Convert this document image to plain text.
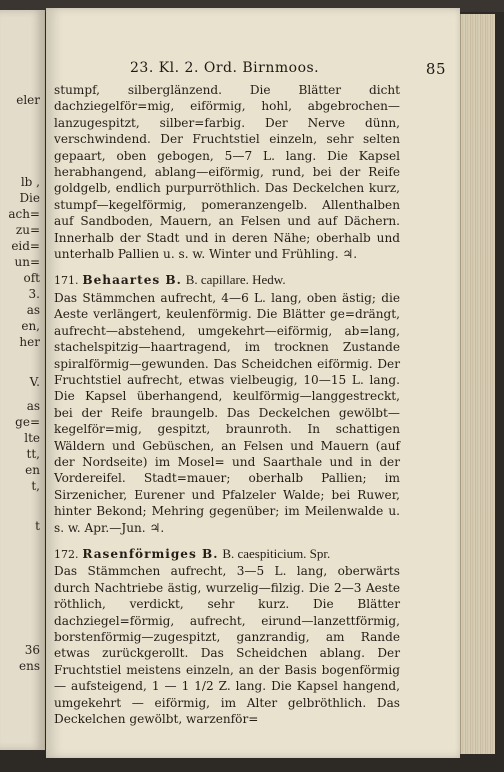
eler
lb ,
Die
ach=
zu=
eid=
un=
oft
3.
as
en,
her
V.
as
ge=
lte
tt,
en
t,
t
36
ens
23. Kl. 2. Ord. Birnmoos.	85

stumpf, silberglänzend. Die Blätter dicht dachziegelför=mig, eiförmig, hohl, abgebrochen—lanzugespitzt, silber=farbig. Der Nerve dünn, verschwindend. Der Fruchtstiel einzeln, sehr selten gepaart, oben gebogen, 5—7 L. lang. Die Kapsel herabhangend, ablang—eiförmig, rund, bei der Reife goldgelb, endlich purpurröthlich. Das Deckelchen kurz, stumpf—kegelförmig, pomeranzengelb. Allenthalben auf Sandboden, Mauern, an Felsen und auf Dächern. Innerhalb der Stadt und in deren Nähe; oberhalb und unterhalb Pallien u. s. w. Winter und Frühling. ♃.

171. Behaartes B. B. capillare. Hedw.

Das Stämmchen aufrecht, 4—6 L. lang, oben ästig; die Aeste verlängert, keulenförmig. Die Blätter ge=drängt, aufrecht—abstehend, umgekehrt—eiförmig, ab=lang, stachelspitzig—haartragend, im trocknen Zustande spiralförmig—gewunden. Das Scheidchen eiförmig. Der Fruchtstiel aufrecht, etwas vielbeugig, 10—15 L. lang. Die Kapsel überhangend, keulförmig—langgestreckt, bei der Reife braungelb. Das Deckelchen gewölbt—kegelför=mig, gespitzt, braunroth. In schattigen Wäldern und Gebüschen, an Felsen und Mauern (auf der Nordseite) im Mosel= und Saarthale und in der Vordereifel. Stadt=mauer; oberhalb Pallien; im Sirzenicher, Eurener und Pfalzeler Walde; bei Ruwer, hinter Bekond; Mehring gegenüber; im Meilenwalde u. s. w. Apr.—Jun. ♃.

172. Rasenförmiges B. B. caespiticium. Spr.

Das Stämmchen aufrecht, 3—5 L. lang, oberwärts durch Nachtriebe ästig, wurzelig—filzig. Die 2—3 Aeste röthlich, verdickt, sehr kurz. Die Blätter dachziegel=förmig, aufrecht, eirund—lanzettförmig, borstenförmig—zugespitzt, ganzrandig, am Rande etwas zurückgerollt. Das Scheidchen ablang. Der Fruchtstiel meistens einzeln, an der Basis bogenförmig — aufsteigend, 1 — 1 1/2 Z. lang. Die Kapsel hangend, umgekehrt — eiförmig, im Alter gelbröthlich. Das Deckelchen gewölbt, warzenför=
